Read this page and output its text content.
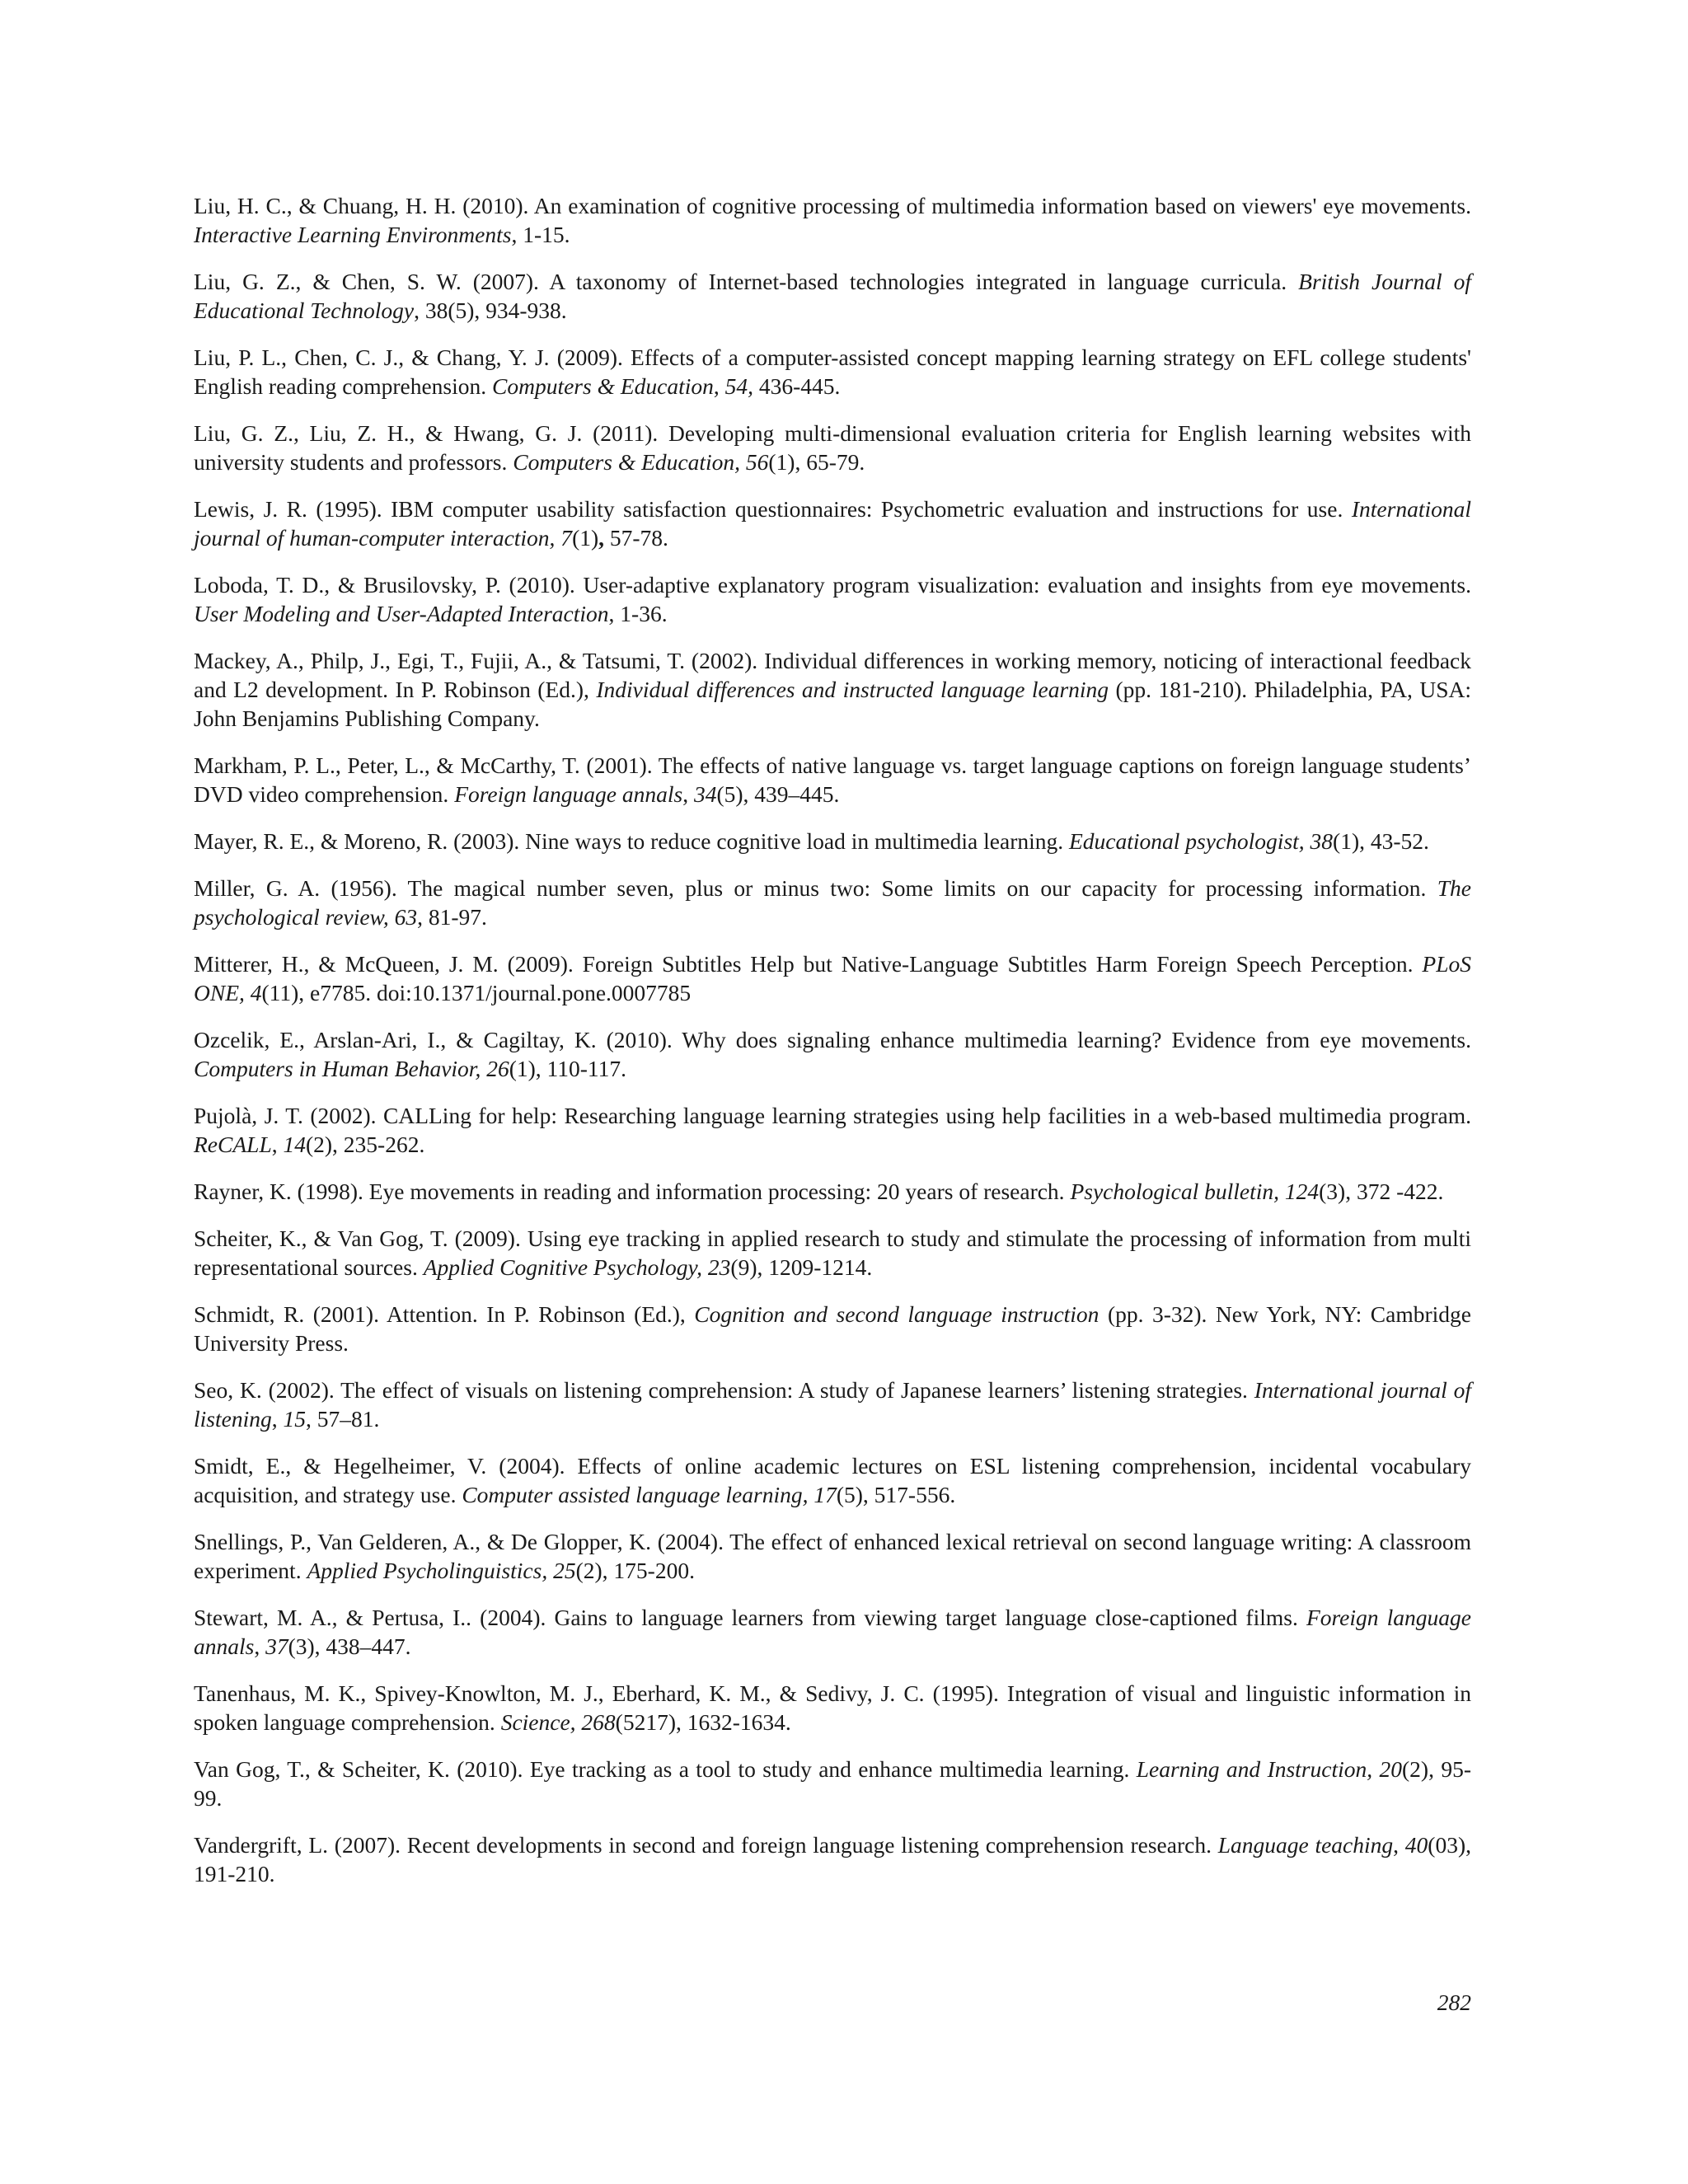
Liu, H. C., & Chuang, H. H. (2010). An examination of cognitive processing of multimedia information based on viewers' eye movements. Interactive Learning Environments, 1-15.
Liu, G. Z., & Chen, S. W. (2007). A taxonomy of Internet-based technologies integrated in language curricula. British Journal of Educational Technology, 38(5), 934-938.
Liu, P. L., Chen, C. J., & Chang, Y. J. (2009). Effects of a computer-assisted concept mapping learning strategy on EFL college students' English reading comprehension. Computers & Education, 54, 436-445.
Liu, G. Z., Liu, Z. H., & Hwang, G. J. (2011). Developing multi-dimensional evaluation criteria for English learning websites with university students and professors. Computers & Education, 56(1), 65-79.
Lewis, J. R. (1995). IBM computer usability satisfaction questionnaires: Psychometric evaluation and instructions for use. International journal of human-computer interaction, 7(1), 57-78.
Loboda, T. D., & Brusilovsky, P. (2010). User-adaptive explanatory program visualization: evaluation and insights from eye movements. User Modeling and User-Adapted Interaction, 1-36.
Mackey, A., Philp, J., Egi, T., Fujii, A., & Tatsumi, T. (2002). Individual differences in working memory, noticing of interactional feedback and L2 development. In P. Robinson (Ed.), Individual differences and instructed language learning (pp. 181-210). Philadelphia, PA, USA: John Benjamins Publishing Company.
Markham, P. L., Peter, L., & McCarthy, T. (2001). The effects of native language vs. target language captions on foreign language students’ DVD video comprehension. Foreign language annals, 34(5), 439–445.
Mayer, R. E., & Moreno, R. (2003). Nine ways to reduce cognitive load in multimedia learning. Educational psychologist, 38(1), 43-52.
Miller, G. A. (1956). The magical number seven, plus or minus two: Some limits on our capacity for processing information. The psychological review, 63, 81-97.
Mitterer, H., & McQueen, J. M. (2009). Foreign Subtitles Help but Native-Language Subtitles Harm Foreign Speech Perception. PLoS ONE, 4(11), e7785. doi:10.1371/journal.pone.0007785
Ozcelik, E., Arslan-Ari, I., & Cagiltay, K. (2010). Why does signaling enhance multimedia learning? Evidence from eye movements. Computers in Human Behavior, 26(1), 110-117.
Pujolà, J. T. (2002). CALLing for help: Researching language learning strategies using help facilities in a web-based multimedia program. ReCALL, 14(2), 235-262.
Rayner, K. (1998). Eye movements in reading and information processing: 20 years of research. Psychological bulletin, 124(3), 372 -422.
Scheiter, K., & Van Gog, T. (2009). Using eye tracking in applied research to study and stimulate the processing of information from multi representational sources. Applied Cognitive Psychology, 23(9), 1209-1214.
Schmidt, R. (2001). Attention. In P. Robinson (Ed.), Cognition and second language instruction (pp. 3-32). New York, NY: Cambridge University Press.
Seo, K. (2002). The effect of visuals on listening comprehension: A study of Japanese learners’ listening strategies. International journal of listening, 15, 57–81.
Smidt, E., & Hegelheimer, V. (2004). Effects of online academic lectures on ESL listening comprehension, incidental vocabulary acquisition, and strategy use. Computer assisted language learning, 17(5), 517-556.
Snellings, P., Van Gelderen, A., & De Glopper, K. (2004). The effect of enhanced lexical retrieval on second language writing: A classroom experiment. Applied Psycholinguistics, 25(2), 175-200.
Stewart, M. A., & Pertusa, I.. (2004). Gains to language learners from viewing target language close-captioned films. Foreign language annals, 37(3), 438–447.
Tanenhaus, M. K., Spivey-Knowlton, M. J., Eberhard, K. M., & Sedivy, J. C. (1995). Integration of visual and linguistic information in spoken language comprehension. Science, 268(5217), 1632-1634.
Van Gog, T., & Scheiter, K. (2010). Eye tracking as a tool to study and enhance multimedia learning. Learning and Instruction, 20(2), 95-99.
Vandergrift, L. (2007). Recent developments in second and foreign language listening comprehension research. Language teaching, 40(03), 191-210.
282
